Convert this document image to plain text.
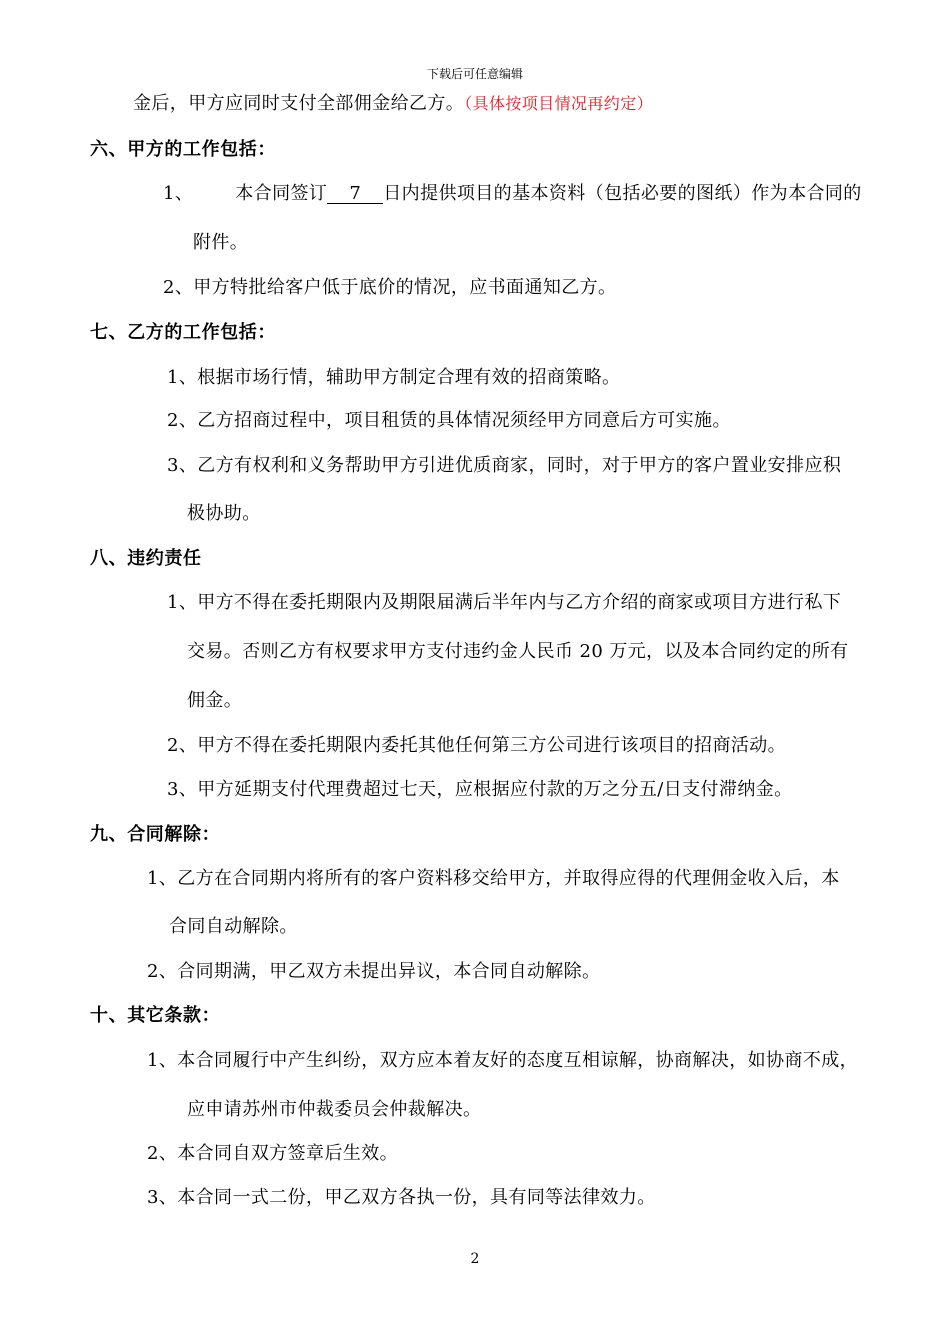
下载后可任意编辑
金后，甲方应同时支付全部佣金给乙方。（具体按项目情况再约定）
六、甲方的工作包括：
1、 本合同签订 7 日内提供项目的基本资料（包括必要的图纸）作为本合同的
附件。
2、甲方特批给客户低于底价的情况，应书面通知乙方。
七、乙方的工作包括：
1、根据市场行情，辅助甲方制定合理有效的招商策略。
2、乙方招商过程中，项目租赁的具体情况须经甲方同意后方可实施。
3、乙方有权利和义务帮助甲方引进优质商家，同时，对于甲方的客户置业安排应积
极协助。
八、违约责任
1、甲方不得在委托期限内及期限届满后半年内与乙方介绍的商家或项目方进行私下
交易。否则乙方有权要求甲方支付违约金人民币 20 万元，以及本合同约定的所有
佣金。
2、甲方不得在委托期限内委托其他任何第三方公司进行该项目的招商活动。
3、甲方延期支付代理费超过七天，应根据应付款的万之分五/日支付滞纳金。
九、合同解除：
1、乙方在合同期内将所有的客户资料移交给甲方，并取得应得的代理佣金收入后，本
合同自动解除。
2、合同期满，甲乙双方未提出异议，本合同自动解除。
十、其它条款：
1、本合同履行中产生纠纷，双方应本着友好的态度互相谅解，协商解决，如协商不成，
应申请苏州市仲裁委员会仲裁解决。
2、本合同自双方签章后生效。
3、本合同一式二份，甲乙双方各执一份，具有同等法律效力。
2
